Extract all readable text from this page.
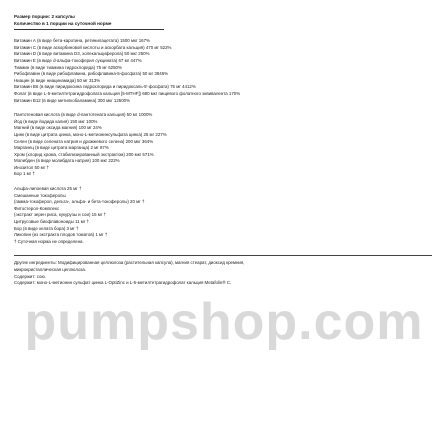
Размер порции: 2 капсулы
Количество в 1 порции на суточной норме
Витамин А (в виде бета-каротина, ретинилацетата) 1500 мкг 167%
Витамин С (в виде аскорбиновой кислоты и аскорбата кальция) 470 мг 522%
Витамин D (в виде витамина D3, холекальциферола) 50 мкг 250%
Витамин Е (в виде d-альфа-токоферил сукцината) 67 мг 447%
Тиамин (в виде тиамина гидрохлорида) 75 мг 6250%
Рибофлавин (в виде рибофлавина, рибофлавина-5-фосфата) 50 мг 3846%
Ниацин (в виде ниацинамида) 50 мг 313%
Витамин В6 (в виде пиридоксина гидрохлорида и пиридоксаль-5'-фосфата) 75 мг 4412%
Фолат (в виде L-5-метилтетрагидрофолата кальция [5-MTHF]) 680 мкг пищевого фолатного эквивалента 170%
Витамин В12 (в виде метилкобаламина) 300 мкг 12500%
Пантотеновая кислота (в виде d-пантотената кальция) 50 мг 1000%
Йод (в виде йодида калия) 150 мкг 100%
Магний (в виде оксида магния) 100 мг 24%
Цинк (в виде цитрата цинка, моно-L-метионинсульфата цинка) 25 мг 227%
Селен (в виде селената натрия и дрожжевого селена) 200 мкг 364%
Марганец (в виде цитрата марганца) 2 мг 87%
Хром (хлорид хрома, стабилизированный экстрактом) 200 мкг 571%
Молибден (в виде молибдата натрия) 100 мкг 222%
Инозитол 50 мг †
Бор 1 мг †
Альфа-липоевая кислота 25 мг †
Смешанные токоферолы
(гамма-токоферол, дельта-, альфа- и бета-токоферолы) 20 мг †
Фитостерол-Комплекс
(экстракт зерен риса, кукурузы и сои) 15 мг †
Цитрусовые биофлавоноиды 11 мг †
Бор (в виде хелата бора) 3 мг †
Ликопин (из экстракта плодов томатов) 1 мг †
† Суточная норма не определена.
Другие ингредиенты: Модифицированная целлюлоза (растительная капсула), магния стеарат, диоксид кремния,
микрокристаллическая целлюлоза.
Содержит: сою.
Содержит: моно-L-метионин сульфат цинка L-OptiZinc и L-5-метилтетрагидрофолат кальция Metafolin® C.
pumpshop.com
